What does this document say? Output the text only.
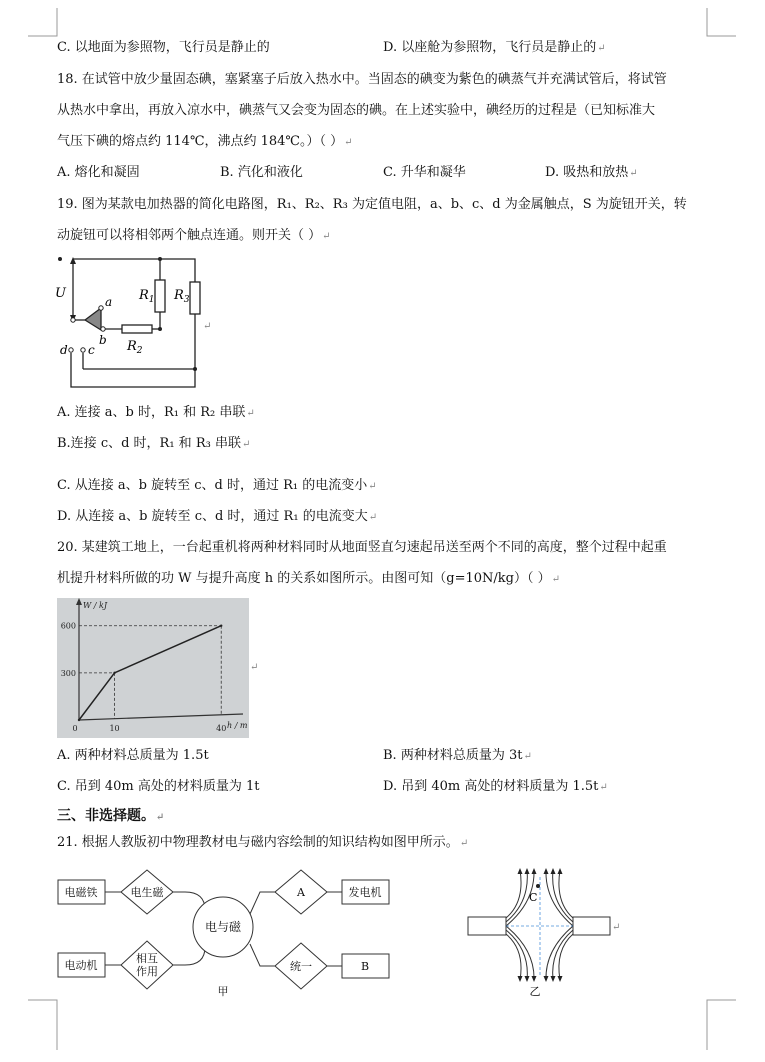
C. 以地面为参照物，飞行员是静止的	D. 以座舱为参照物，飞行员是静止的↵
18. 在试管中放少量固态碘，塞紧塞子后放入热水中。当固态的碘变为紫色的碘蒸气并充满试管后，将试管
从热水中拿出，再放入凉水中，碘蒸气又会变为固态的碘。在上述实验中，碘经历的过程是（已知标准大
气压下碘的熔点约 114℃，沸点约 184℃。）（ ）↵
A. 熔化和凝固	B. 汽化和液化	C. 升华和凝华	D. 吸热和放热↵
19. 图为某款电加热器的简化电路图，R₁、R₂、R₃ 为定值电阻，a、b、c、d 为金属触点，S 为旋钮开关，转
动旋钮可以将相邻两个触点连通。则开关（ ）↵
U	$R_1$ $R_3$
$R_2$
a
b
d c
↵
A. 连接 a、b 时，R₁ 和 R₂ 串联↵
B.连接 c、d 时，R₁ 和 R₃ 串联↵
C. 从连接 a、b 旋转至 c、d 时，通过 R₁ 的电流变小↵
D. 从连接 a、b 旋转至 c、d 时，通过 R₁ 的电流变大↵
20. 某建筑工地上，一台起重机将两种材料同时从地面竖直匀速起吊送至两个不同的高度，整个过程中起重
机提升材料所做的功 W 与提升高度 h 的关系如图所示。由图可知（g=10N/kg）（ ）↵
W / kJ
h / m
300
600
0	10	40
↵
A. 两种材料总质量为 1.5t	B. 两种材料总质量为 3t↵
C. 吊到 40m 高处的材料质量为 1t	D. 吊到 40m 高处的材料质量为 1.5t↵
三、非选择题。↵
21. 根据人教版初中物理教材电与磁内容绘制的知识结构如图甲所示。↵
电磁铁
电动机
电生磁
相互
作用
电与磁
A
统一
发电机
B
甲
C
↵
乙
